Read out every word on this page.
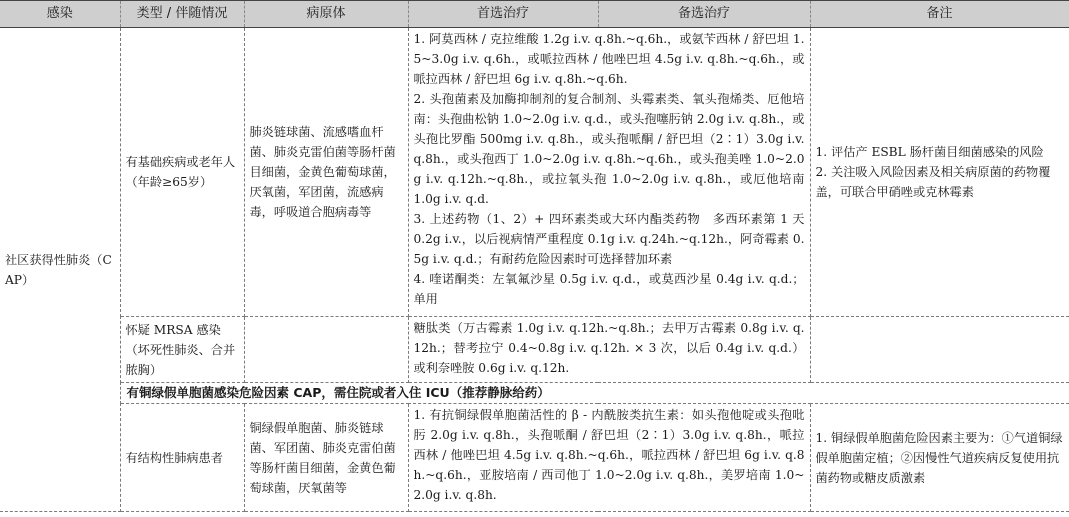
感染	类型 / 伴随情况	病原体	首选治疗	备选治疗	备注
社区获得性肺炎（CAP）	有基础疾病或老年人（年龄≥65岁）	肺炎链球菌、流感嗜血杆菌、肺炎克雷伯菌等肠杆菌目细菌，金黄色葡萄球菌，厌氧菌，军团菌，流感病毒，呼吸道合胞病毒等	1. 阿莫西林 / 克拉维酸 1.2g i.v. q.8h.~q.6h.，或氨苄西林 / 舒巴坦 1.5~3.0g i.v. q.6h.，或哌拉西林 / 他唑巴坦 4.5g i.v. q.8h.~q.6h.，或哌拉西林 / 舒巴坦 6g i.v. q.8h.~q.6h.
2. 头孢菌素及加酶抑制剂的复合制剂、头霉素类、氧头孢烯类、厄他培南：头孢曲松钠 1.0~2.0g i.v. q.d.，或头孢噻肟钠 2.0g i.v. q.8h.，或头孢比罗酯 500mg i.v. q.8h.，或头孢哌酮 / 舒巴坦（2∶1）3.0g i.v. q.8h.，或头孢西丁 1.0~2.0g i.v. q.8h.~q.6h.，或头孢美唑 1.0~2.0g i.v. q.12h.~q.8h.，或拉氧头孢 1.0~2.0g i.v. q.8h.，或厄他培南 1.0g i.v. q.d.
3. 上述药物（1、2）+ 四环素类或大环内酯类药物　多西环素第 1 天 0.2g i.v.，以后视病情严重程度 0.1g i.v. q.24h.~q.12h.，阿奇霉素 0.5g i.v. q.d.；有耐药危险因素时可选择替加环素
4. 喹诺酮类：左氧氟沙星 0.5g i.v. q.d.，或莫西沙星 0.4g i.v. q.d.；单用		1. 评估产 ESBL 肠杆菌目细菌感染的风险
2. 关注吸入风险因素及相关病原菌的药物覆盖，可联合甲硝唑或克林霉素

	怀疑 MRSA 感染（坏死性肺炎、合并脓胸）		糖肽类（万古霉素 1.0g i.v. q.12h.~q.8h.；去甲万古霉素 0.8g i.v. q.12h.；替考拉宁 0.4~0.8g i.v. q.12h. × 3 次，以后 0.4g i.v. q.d.）或利奈唑胺 0.6g i.v. q.12h.		
	有铜绿假单胞菌感染危险因素 CAP，需住院或者入住 ICU（推荐静脉给药）				
	有结构性肺病患者	铜绿假单胞菌、肺炎链球菌、军团菌、肺炎克雷伯菌等肠杆菌目细菌，金黄色葡萄球菌，厌氧菌等	1. 有抗铜绿假单胞菌活性的 β - 内酰胺类抗生素：如头孢他啶或头孢吡肟 2.0g i.v. q.8h.，头孢哌酮 / 舒巴坦（2∶1）3.0g i.v. q.8h.，哌拉西林 / 他唑巴坦 4.5g i.v. q.8h.~q.6h.，哌拉西林 / 舒巴坦 6g i.v. q.8h.~q.6h.，亚胺培南 / 西司他丁 1.0~2.0g i.v. q.8h.，美罗培南 1.0~2.0g i.v. q.8h.		1. 铜绿假单胞菌危险因素主要为：①气道铜绿假单胞菌定植；②因慢性气道疾病反复使用抗菌药物或糖皮质激素
